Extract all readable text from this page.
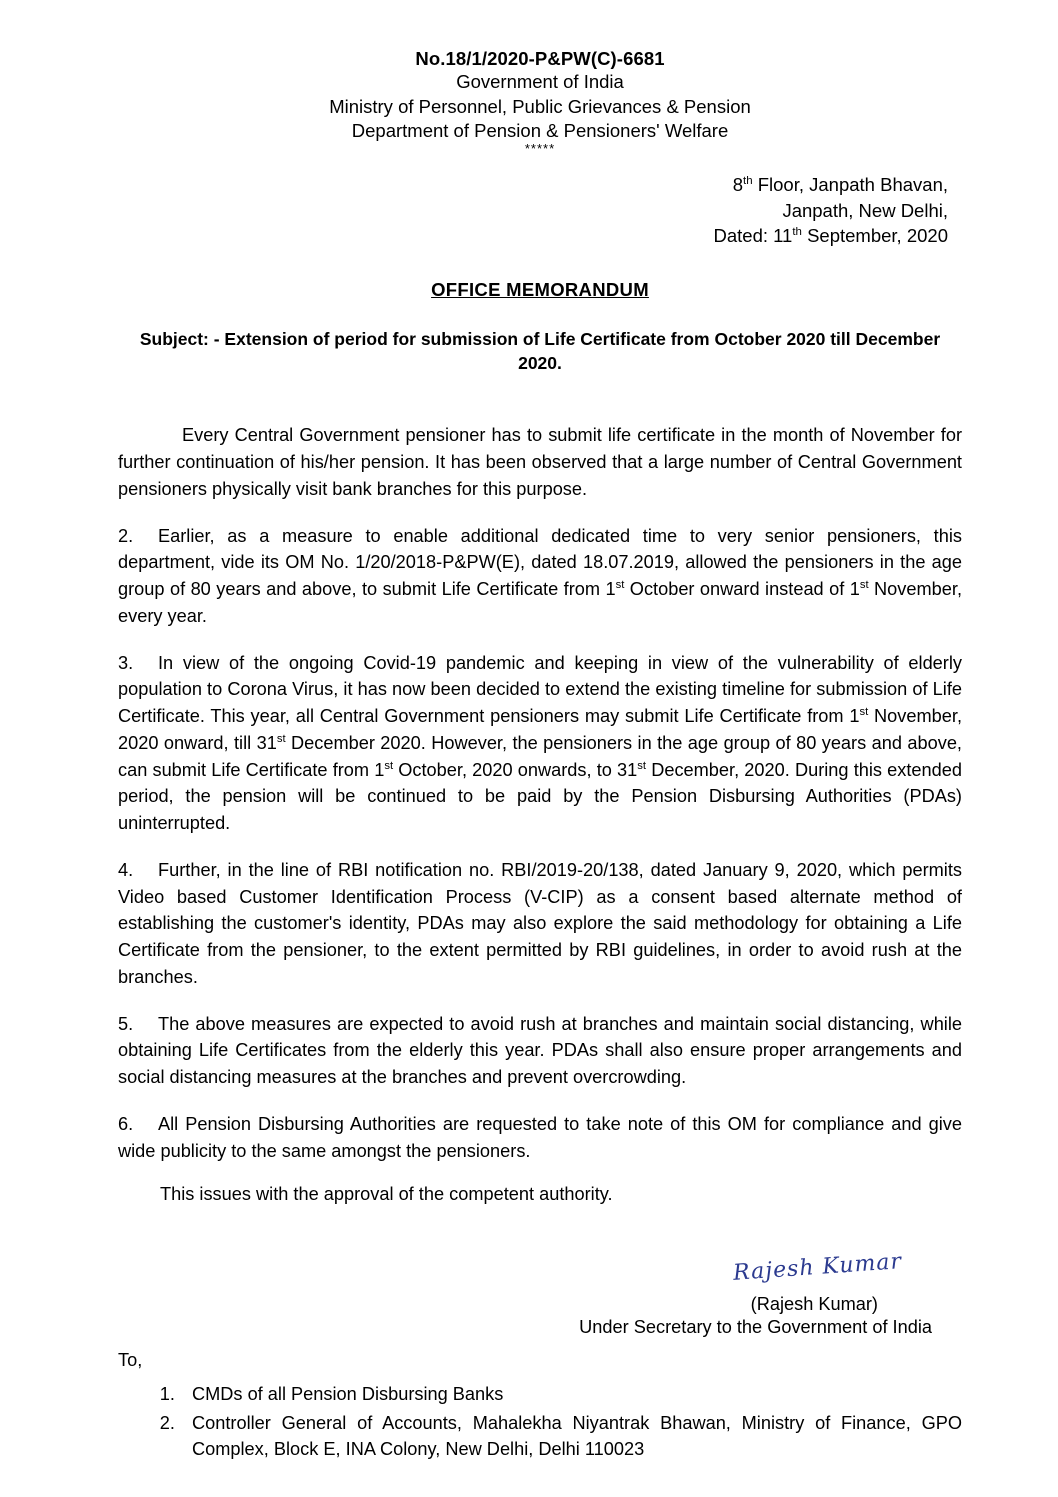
No.18/1/2020-P&PW(C)-6681
Government of India
Ministry of Personnel, Public Grievances & Pension
Department of Pension & Pensioners' Welfare
*****
8th Floor, Janpath Bhavan,
Janpath, New Delhi,
Dated: 11th September, 2020
OFFICE MEMORANDUM
Subject: - Extension of period for submission of Life Certificate from October 2020 till December 2020.
Every Central Government pensioner has to submit life certificate in the month of November for further continuation of his/her pension. It has been observed that a large number of Central Government pensioners physically visit bank branches for this purpose.
2. Earlier, as a measure to enable additional dedicated time to very senior pensioners, this department, vide its OM No. 1/20/2018-P&PW(E), dated 18.07.2019, allowed the pensioners in the age group of 80 years and above, to submit Life Certificate from 1st October onward instead of 1st November, every year.
3. In view of the ongoing Covid-19 pandemic and keeping in view of the vulnerability of elderly population to Corona Virus, it has now been decided to extend the existing timeline for submission of Life Certificate. This year, all Central Government pensioners may submit Life Certificate from 1st November, 2020 onward, till 31st December 2020. However, the pensioners in the age group of 80 years and above, can submit Life Certificate from 1st October, 2020 onwards, to 31st December, 2020. During this extended period, the pension will be continued to be paid by the Pension Disbursing Authorities (PDAs) uninterrupted.
4. Further, in the line of RBI notification no. RBI/2019-20/138, dated January 9, 2020, which permits Video based Customer Identification Process (V-CIP) as a consent based alternate method of establishing the customer's identity, PDAs may also explore the said methodology for obtaining a Life Certificate from the pensioner, to the extent permitted by RBI guidelines, in order to avoid rush at the branches.
5. The above measures are expected to avoid rush at branches and maintain social distancing, while obtaining Life Certificates from the elderly this year. PDAs shall also ensure proper arrangements and social distancing measures at the branches and prevent overcrowding.
6. All Pension Disbursing Authorities are requested to take note of this OM for compliance and give wide publicity to the same amongst the pensioners.
This issues with the approval of the competent authority.
Rajesh Kumar
(Rajesh Kumar)
Under Secretary to the Government of India
To,
1. CMDs of all Pension Disbursing Banks
2. Controller General of Accounts, Mahalekha Niyantrak Bhawan, Ministry of Finance, GPO Complex, Block E, INA Colony, New Delhi, Delhi 110023
